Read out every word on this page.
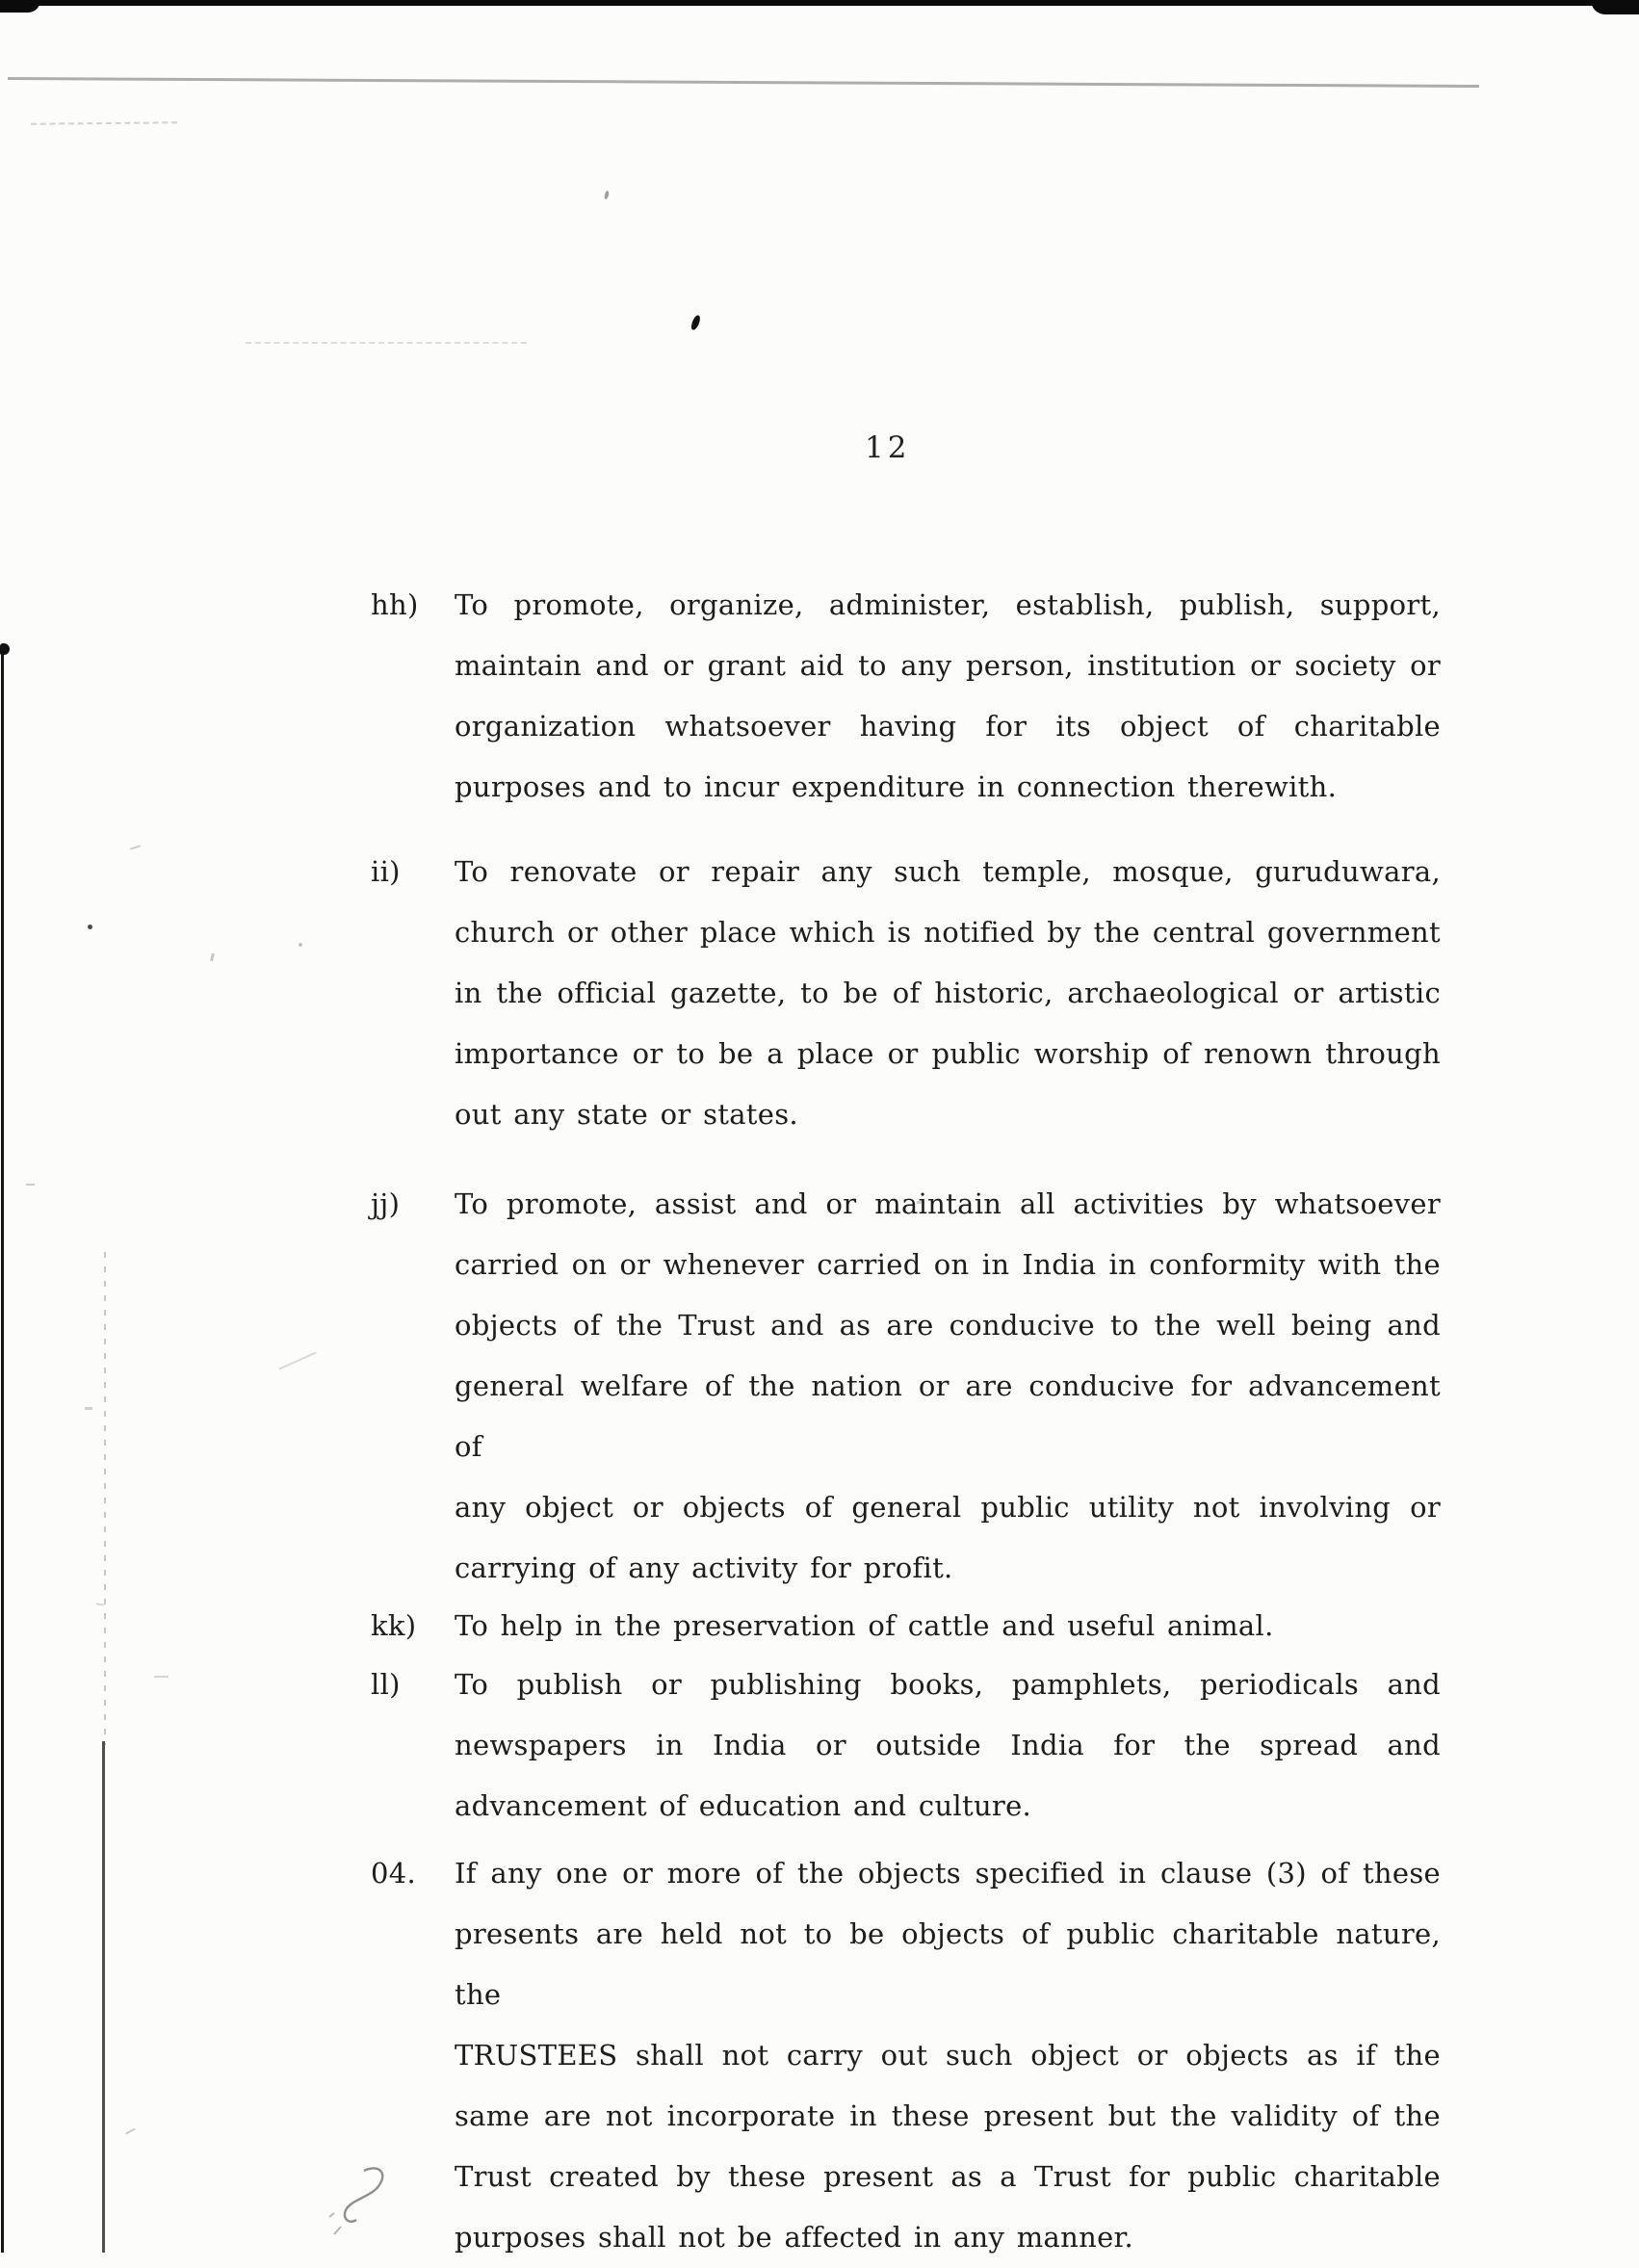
12
hh) To promote, organize, administer, establish, publish, support,
maintain and or grant aid to any person, institution or society or
organization whatsoever having for its object of charitable
purposes and to incur expenditure in connection therewith.
ii) To renovate or repair any such temple, mosque, guruduwara,
church or other place which is notified by the central government
in the official gazette, to be of historic, archaeological or artistic
importance or to be a place or public worship of renown through
out any state or states.
jj) To promote, assist and or maintain all activities by whatsoever
carried on or whenever carried on in India in conformity with the
objects of the Trust and as are conducive to the well being and
general welfare of the nation or are conducive for advancement of
any object or objects of general public utility not involving or
carrying of any activity for profit.
kk) To help in the preservation of cattle and useful animal.
ll) To publish or publishing books, pamphlets, periodicals and
newspapers in India or outside India for the spread and
advancement of education and culture.
04. If any one or more of the objects specified in clause (3) of these
presents are held not to be objects of public charitable nature, the
TRUSTEES shall not carry out such object or objects as if the
same are not incorporate in these present but the validity of the
Trust created by these present as a Trust for public charitable
purposes shall not be affected in any manner.
